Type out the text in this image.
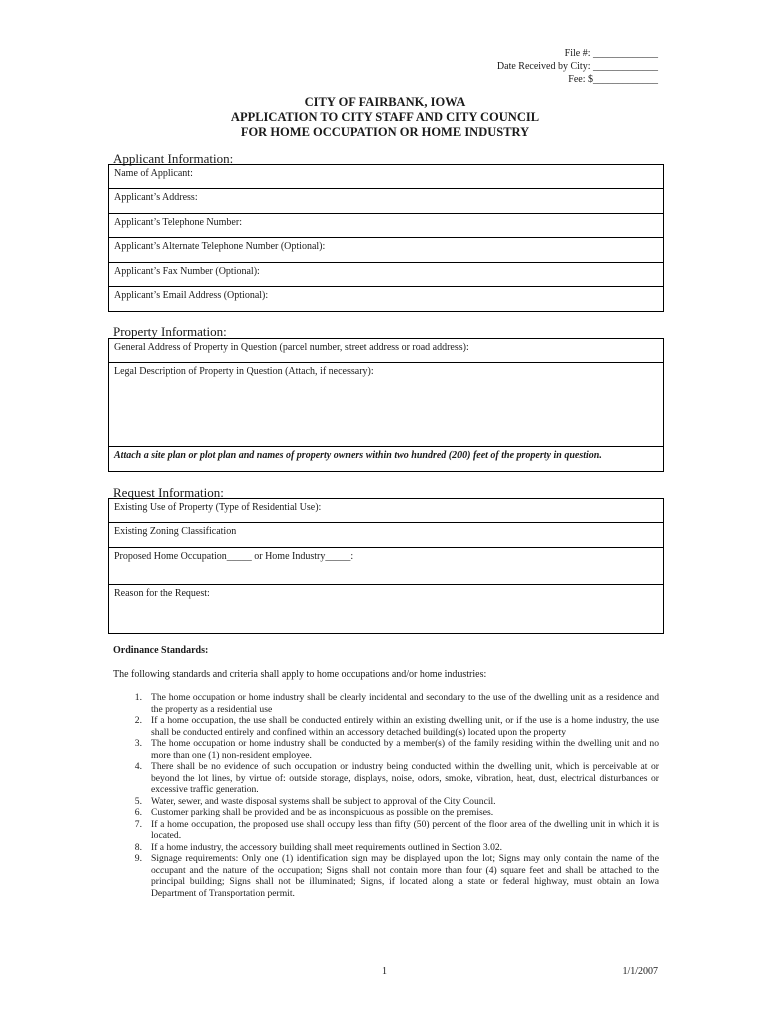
File #: _____________
Date Received by City: _____________
Fee: $_____________
CITY OF FAIRBANK, IOWA
APPLICATION TO CITY STAFF AND CITY COUNCIL
FOR HOME OCCUPATION OR HOME INDUSTRY
Applicant Information:
Name of Applicant:
Applicant’s Address:
Applicant’s Telephone Number:
Applicant’s Alternate Telephone Number (Optional):
Applicant’s Fax Number (Optional):
Applicant’s Email Address (Optional):
Property Information:
General Address of Property in Question (parcel number, street address or road address):
Legal Description of Property in Question (Attach, if necessary):
Attach a site plan or plot plan and names of property owners within two hundred (200) feet of the property in question.
Request Information:
Existing Use of Property (Type of Residential Use):
Existing Zoning Classification
Proposed Home Occupation_____ or Home Industry_____:
Reason for the Request:
Ordinance Standards:
The following standards and criteria shall apply to home occupations and/or home industries:
1. The home occupation or home industry shall be clearly incidental and secondary to the use of the dwelling unit as a residence and the property as a residential use
2. If a home occupation, the use shall be conducted entirely within an existing dwelling unit, or if the use is a home industry, the use shall be conducted entirely and confined within an accessory detached building(s) located upon the property
3. The home occupation or home industry shall be conducted by a member(s) of the family residing within the dwelling unit and no more than one (1) non-resident employee.
4. There shall be no evidence of such occupation or industry being conducted within the dwelling unit, which is perceivable at or beyond the lot lines, by virtue of: outside storage, displays, noise, odors, smoke, vibration, heat, dust, electrical disturbances or excessive traffic generation.
5. Water, sewer, and waste disposal systems shall be subject to approval of the City Council.
6. Customer parking shall be provided and be as inconspicuous as possible on the premises.
7. If a home occupation, the proposed use shall occupy less than fifty (50) percent of the floor area of the dwelling unit in which it is located.
8. If a home industry, the accessory building shall meet requirements outlined in Section 3.02.
9. Signage requirements: Only one (1) identification sign may be displayed upon the lot; Signs may only contain the name of the occupant and the nature of the occupation; Signs shall not contain more than four (4) square feet and shall be attached to the principal building; Signs shall not be illuminated; Signs, if located along a state or federal highway, must obtain an Iowa Department of Transportation permit.
1	1/1/2007
